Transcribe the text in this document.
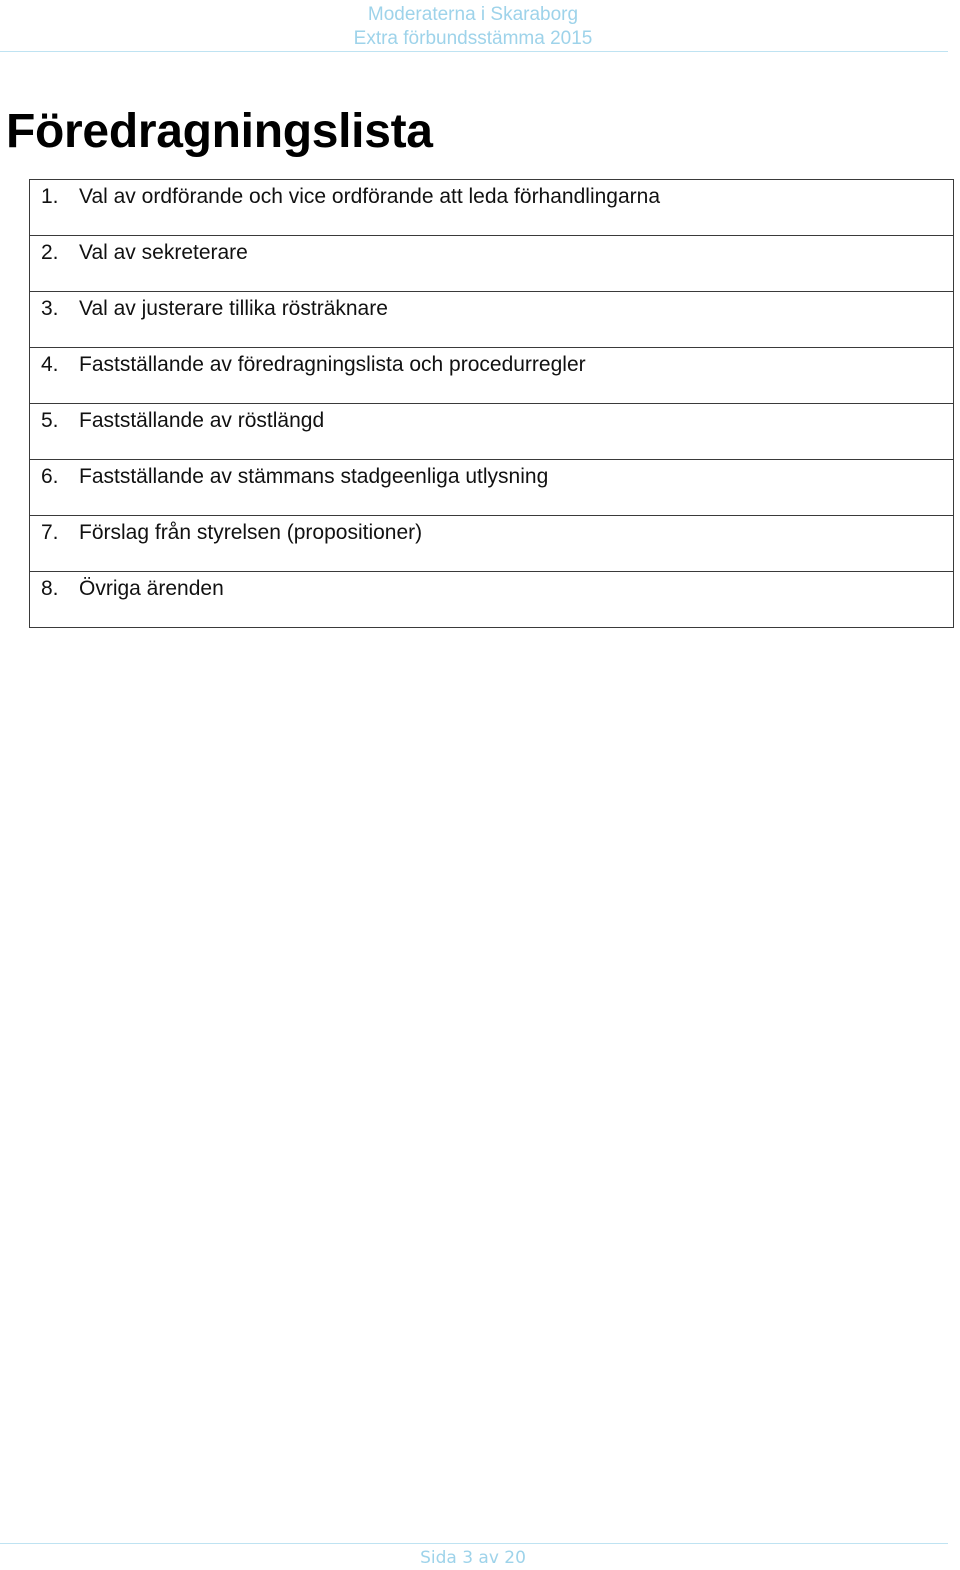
Moderaterna i Skaraborg
Extra förbundsstämma 2015
Föredragningslista
1. Val av ordförande och vice ordförande att leda förhandlingarna

2. Val av sekreterare

3. Val av justerare tillika rösträknare

4. Fastställande av föredragningslista och procedurregler

5. Fastställande av röstlängd

6. Fastställande av stämmans stadgeenliga utlysning

7. Förslag från styrelsen (propositioner)

8. Övriga ärenden
Sida 3 av 20
